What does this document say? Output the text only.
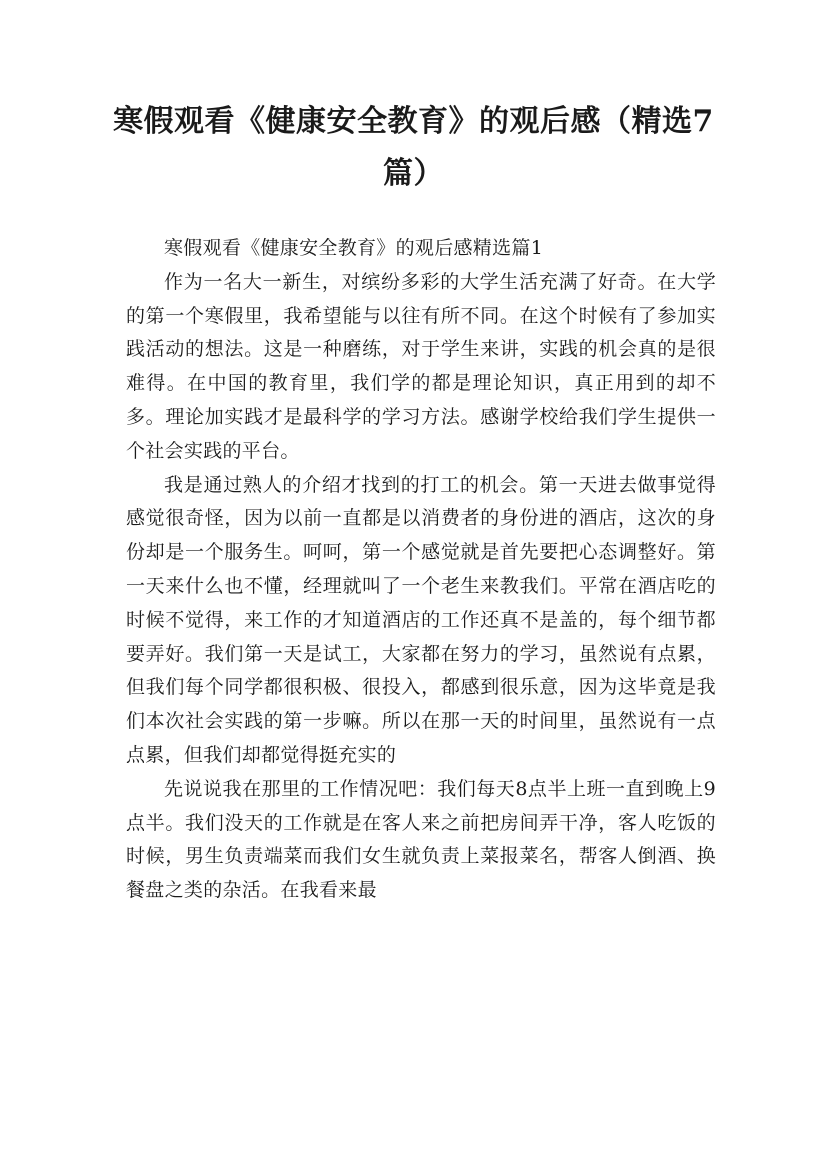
寒假观看《健康安全教育》的观后感（精选7篇）

寒假观看《健康安全教育》的观后感精选篇1

作为一名大一新生，对缤纷多彩的大学生活充满了好奇。在大学的第一个寒假里，我希望能与以往有所不同。在这个时候有了参加实践活动的想法。这是一种磨练，对于学生来讲，实践的机会真的是很难得。在中国的教育里，我们学的都是理论知识，真正用到的却不多。理论加实践才是最科学的学习方法。感谢学校给我们学生提供一个社会实践的平台。

我是通过熟人的介绍才找到的打工的机会。第一天进去做事觉得感觉很奇怪，因为以前一直都是以消费者的身份进的酒店，这次的身份却是一个服务生。呵呵，第一个感觉就是首先要把心态调整好。第一天来什么也不懂，经理就叫了一个老生来教我们。平常在酒店吃的时候不觉得，来工作的才知道酒店的工作还真不是盖的，每个细节都要弄好。我们第一天是试工，大家都在努力的学习，虽然说有点累，但我们每个同学都很积极、很投入，都感到很乐意，因为这毕竟是我们本次社会实践的第一步嘛。所以在那一天的时间里，虽然说有一点点累，但我们却都觉得挺充实的

先说说我在那里的工作情况吧：我们每天8点半上班一直到晚上9点半。我们没天的工作就是在客人来之前把房间弄干净，客人吃饭的时候，男生负责端菜而我们女生就负责上菜报菜名，帮客人倒酒、换餐盘之类的杂活。在我看来最
